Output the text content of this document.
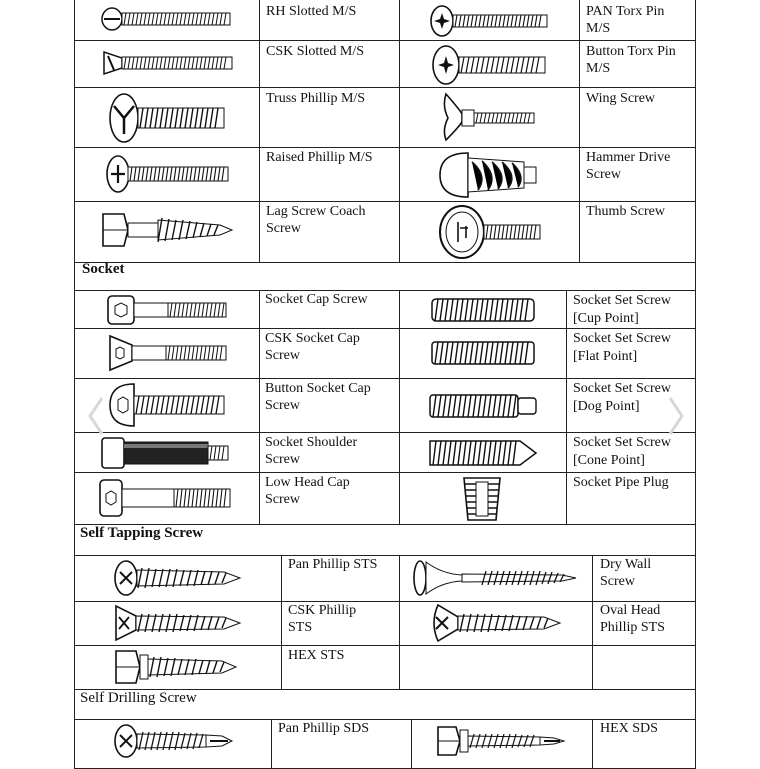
RH Slotted M/S
CSK Slotted M/S
Truss Phillip M/S
Raised Phillip M/S
Lag Screw Coach
Screw
PAN Torx Pin
M/S
Button Torx Pin
M/S
Wing Screw
Hammer Drive
Screw
Thumb Screw
Socket
Socket Cap Screw
CSK Socket Cap
Screw
Button Socket Cap
Screw
Socket Shoulder
Screw
Low Head Cap
Screw
Socket Set Screw
[Cup Point]
Socket Set Screw
[Flat Point]
Socket Set Screw
[Dog Point]
Socket Set Screw
[Cone Point]
Socket Pipe Plug
Self Tapping Screw
Pan Phillip STS
CSK Phillip
STS
HEX STS
Dry Wall
Screw
Oval Head
Phillip STS
Self Drilling Screw
Pan Phillip SDS	HEX SDS
